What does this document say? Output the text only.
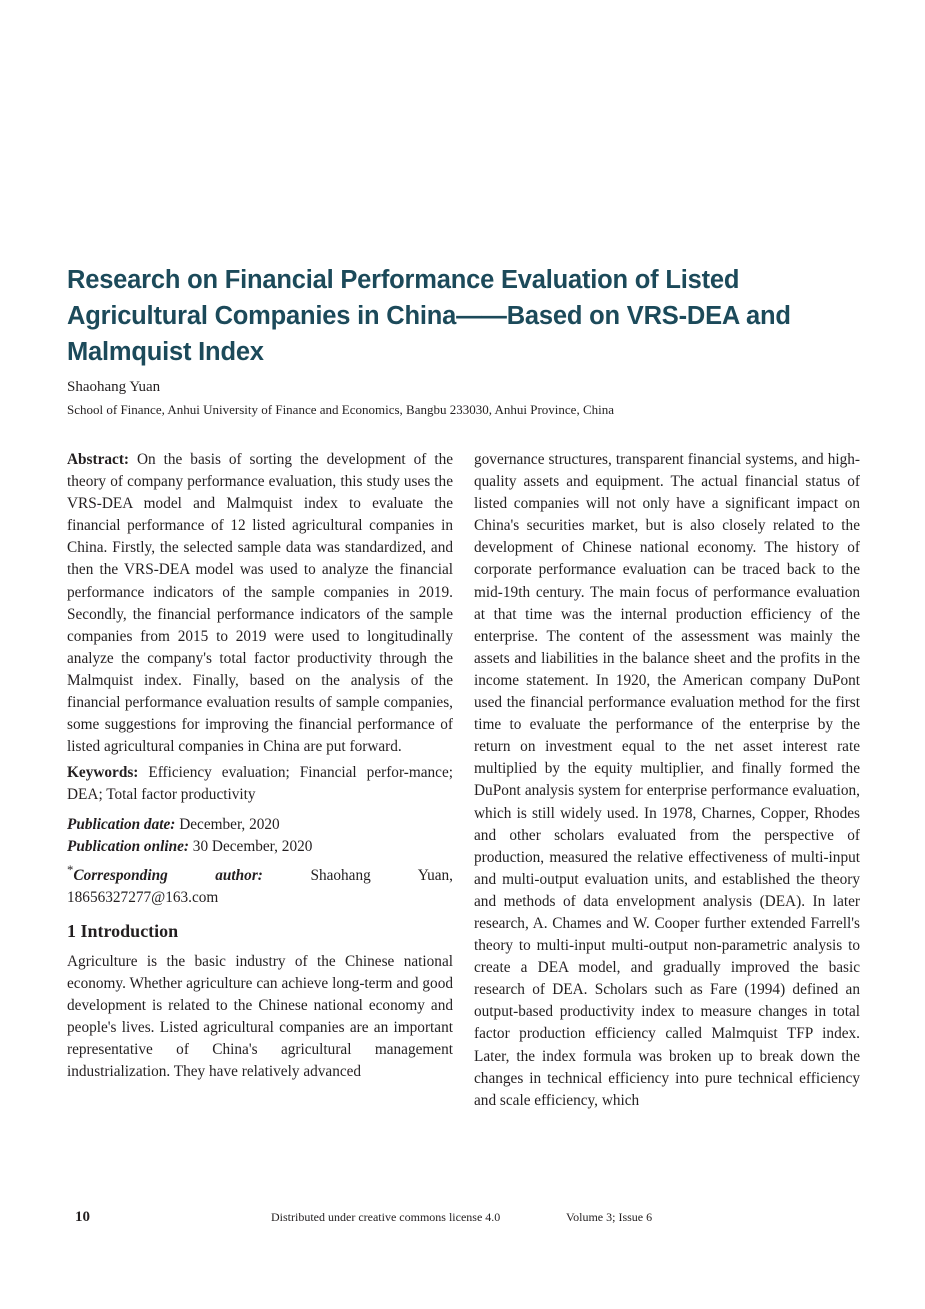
Research on Financial Performance Evaluation of Listed Agricultural Companies in China——Based on VRS-DEA and Malmquist Index

Shaohang Yuan

School of Finance, Anhui University of Finance and Economics, Bangbu 233030, Anhui Province, China

Abstract: On the basis of sorting the development of the theory of company performance evaluation, this study uses the VRS-DEA model and Malmquist index to evaluate the financial performance of 12 listed agricultural companies in China. Firstly, the selected sample data was standardized, and then the VRS-DEA model was used to analyze the financial performance indicators of the sample companies in 2019. Secondly, the financial performance indicators of the sample companies from 2015 to 2019 were used to longitudinally analyze the company's total factor productivity through the Malmquist index. Finally, based on the analysis of the financial performance evaluation results of sample companies, some suggestions for improving the financial performance of listed agricultural companies in China are put forward.

Keywords: Efficiency evaluation; Financial perfor-mance; DEA; Total factor productivity

Publication date: December, 2020

Publication online: 30 December, 2020

*Corresponding author:	Shaohang Yuan, 18656327277@163.com

1 Introduction

Agriculture is the basic industry of the Chinese national economy. Whether agriculture can achieve long-term and good development is related to the Chinese national economy and people's lives. Listed agricultural companies are an important representative of China's agricultural management industrialization. They have relatively advanced

governance structures, transparent financial systems, and high-quality assets and equipment. The actual financial status of listed companies will not only have a significant impact on China's securities market, but is also closely related to the development of Chinese national economy. The history of corporate performance evaluation can be traced back to the mid-19th century. The main focus of performance evaluation at that time was the internal production efficiency of the enterprise. The content of the assessment was mainly the assets and liabilities in the balance sheet and the profits in the income statement. In 1920, the American company DuPont used the financial performance evaluation method for the first time to evaluate the performance of the enterprise by the return on investment equal to the net asset interest rate multiplied by the equity multiplier, and finally formed the DuPont analysis system for enterprise performance evaluation, which is still widely used. In 1978, Charnes, Copper, Rhodes and other scholars evaluated from the perspective of production, measured the relative effectiveness of multi-input and multi-output evaluation units, and established the theory and methods of data envelopment analysis (DEA). In later research, A. Chames and W. Cooper further extended Farrell's theory to multi-input multi-output non-parametric analysis to create a DEA model, and gradually improved the basic research of DEA. Scholars such as Fare (1994) defined an output-based productivity index to measure changes in total factor production efficiency called Malmquist TFP index. Later, the index formula was broken up to break down the changes in technical efficiency into pure technical efficiency and scale efficiency, which

10	Distributed under creative commons license 4.0	Volume 3; Issue 6
